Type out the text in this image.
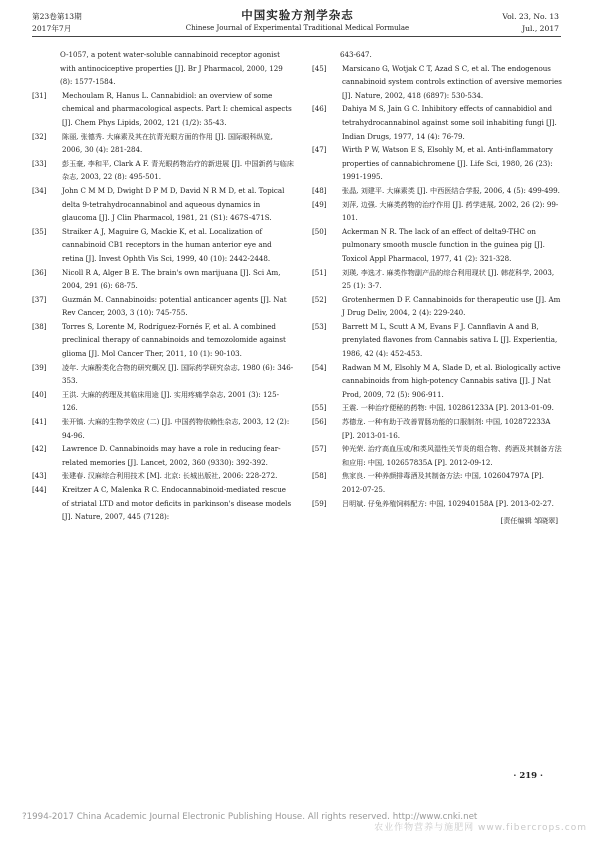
第23卷第13期
2017年7月
中国实验方剂学杂志
Chinese Journal of Experimental Traditional Medical Formulae
Vol. 23, No. 13
Jul., 2017
O-1057, a potent water-soluble cannabinoid receptor agonist with antinociceptive properties [J]. Br J Pharmacol, 2000, 129 (8): 1577-1584.
[31] Mechoulam R, Hanus L. Cannabidiol: an overview of some chemical and pharmacological aspects. Part I: chemical aspects [J]. Chem Phys Lipids, 2002, 121 (1/2): 35-43.
[32] 陈丽, 张德秀. 大麻素及其在抗青光眼方面的作用 [J]. 国际眼科纵览, 2006, 30 (4): 281-284.
[33] 彭玉豪, 李和平, Clark A F. 青光眼药物治疗的新进展 [J]. 中国新药与临床杂志, 2003, 22 (8): 495-501.
[34] John C M M D, Dwight D P M D, David N R M D, et al. Topical delta 9-tetrahydrocannabinol and aqueous dynamics in glaucoma [J]. J Clin Pharmacol, 1981, 21 (S1): 467S-471S.
[35] Straiker A J, Maguire G, Mackie K, et al. Localization of cannabinoid CB1 receptors in the human anterior eye and retina [J]. Invest Ophth Vis Sci, 1999, 40 (10): 2442-2448.
[36] Nicoll R A, Alger B E. The brain's own marijuana [J]. Sci Am, 2004, 291 (6): 68-75.
[37] Guzmán M. Cannabinoids: potential anticancer agents [J]. Nat Rev Cancer, 2003, 3 (10): 745-755.
[38] Torres S, Lorente M, Rodríguez-Fornés F, et al. A combined preclinical therapy of cannabinoids and temozolomide against glioma [J]. Mol Cancer Ther, 2011, 10 (1): 90-103.
[39] 凌年. 大麻酚类化合物的研究概况 [J]. 国际药学研究杂志, 1980 (6): 346-353.
[40] 王洪. 大麻的药理及其临床用途 [J]. 实用疼痛学杂志, 2001 (3): 125-126.
[41] 张开镐. 大麻的生物学效应 (二) [J]. 中国药物依赖性杂志, 2003, 12 (2): 94-96.
[42] Lawrence D. Cannabinoids may have a role in reducing fear-related memories [J]. Lancet, 2002, 360 (9330): 392-392.
[43] 张建春. 汉麻综合利用技术 [M]. 北京: 长城出版社, 2006: 228-272.
[44] Kreitzer A C, Malenka R C. Endocannabinoid-mediated rescue of striatal LTD and motor deficits in parkinson's disease models [J]. Nature, 2007, 445 (7128):
643-647.
[45] Marsicano G, Wotjak C T, Azad S C, et al. The endogenous cannabinoid system controls extinction of aversive memories [J]. Nature, 2002, 418 (6897): 530-534.
[46] Dahiya M S, Jain G C. Inhibitory effects of cannabidiol and tetrahydrocannabinol against some soil inhabiting fungi [J]. Indian Drugs, 1977, 14 (4): 76-79.
[47] Wirth P W, Watson E S, Elsohly M, et al. Anti-inflammatory properties of cannabichromene [J]. Life Sci, 1980, 26 (23): 1991-1995.
[48] 张晶, 刘建平. 大麻素类 [J]. 中西医结合学报, 2006, 4 (5): 499-499.
[49] 刘萍, 边强. 大麻类药物的治疗作用 [J]. 药学进展, 2002, 26 (2): 99-101.
[50] Ackerman N R. The lack of an effect of delta9-THC on pulmonary smooth muscle function in the guinea pig [J]. Toxicol Appl Pharmacol, 1977, 41 (2): 321-328.
[51] 刘瑛, 李选才. 麻类作物副产品的综合利用现状 [J]. 韩花科学, 2003, 25 (1): 3-7.
[52] Grotenhermen D F. Cannabinoids for therapeutic use [J]. Am J Drug Deliv, 2004, 2 (4): 229-240.
[53] Barrett M L, Scutt A M, Evans F J. Cannflavin A and B, prenylated flavones from Cannabis sativa L [J]. Experientia, 1986, 42 (4): 452-453.
[54] Radwan M M, Elsohly M A, Slade D, et al. Biologically active cannabinoids from high-potency Cannabis sativa [J]. J Nat Prod, 2009, 72 (5): 906-911.
[55] 王震. 一种治疗便秘的药物: 中国, 102861233A [P]. 2013-01-09.
[56] 苏德龙. 一种有助于改善胃肠功能的口服制剂: 中国, 102872233A [P]. 2013-01-16.
[57] 钟光荣. 治疗高血压或/和类风湿性关节炎的组合物、药酒及其制备方法和应用: 中国, 102657835A [P]. 2012-09-12.
[58] 焦家良. 一种养颜排毒酒及其制备方法: 中国, 102604797A [P]. 2012-07-25.
[59] 吕明斌. 仔兔养殖饲料配方: 中国, 102940158A [P]. 2013-02-27.
[责任编辑 邹晓翠]
· 219 ·
?1994-2017 China Academic Journal Electronic Publishing House. All rights reserved. http://www.cnki.net
农业作物营养与施肥网 www.fibercrops.com
